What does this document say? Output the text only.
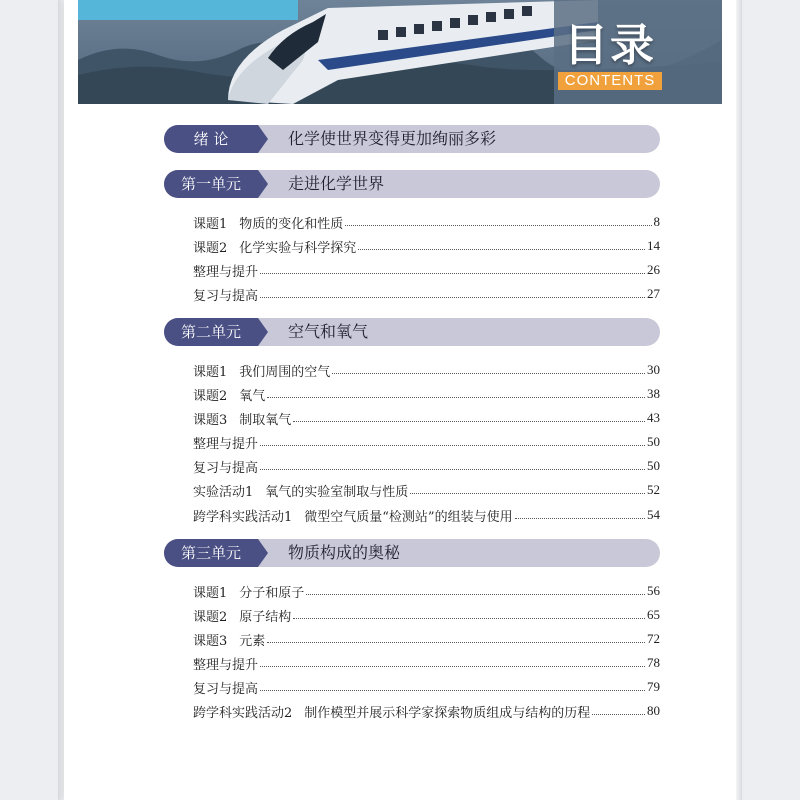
目录
CONTENTS
绪 论	化学使世界变得更加绚丽多彩
第一单元	走进化学世界
课题1 物质的变化和性质	8
课题2 化学实验与科学探究	14
整理与提升	26
复习与提高	27
第二单元	空气和氧气
课题1 我们周围的空气	30
课题2 氧气	38
课题3 制取氧气	43
整理与提升	50
复习与提高	50
实验活动1 氧气的实验室制取与性质	52
跨学科实践活动1 微型空气质量“检测站”的组装与使用	54
第三单元	物质构成的奥秘
课题1 分子和原子	56
课题2 原子结构	65
课题3 元素	72
整理与提升	78
复习与提高	79
跨学科实践活动2 制作模型并展示科学家探索物质组成与结构的历程	80
